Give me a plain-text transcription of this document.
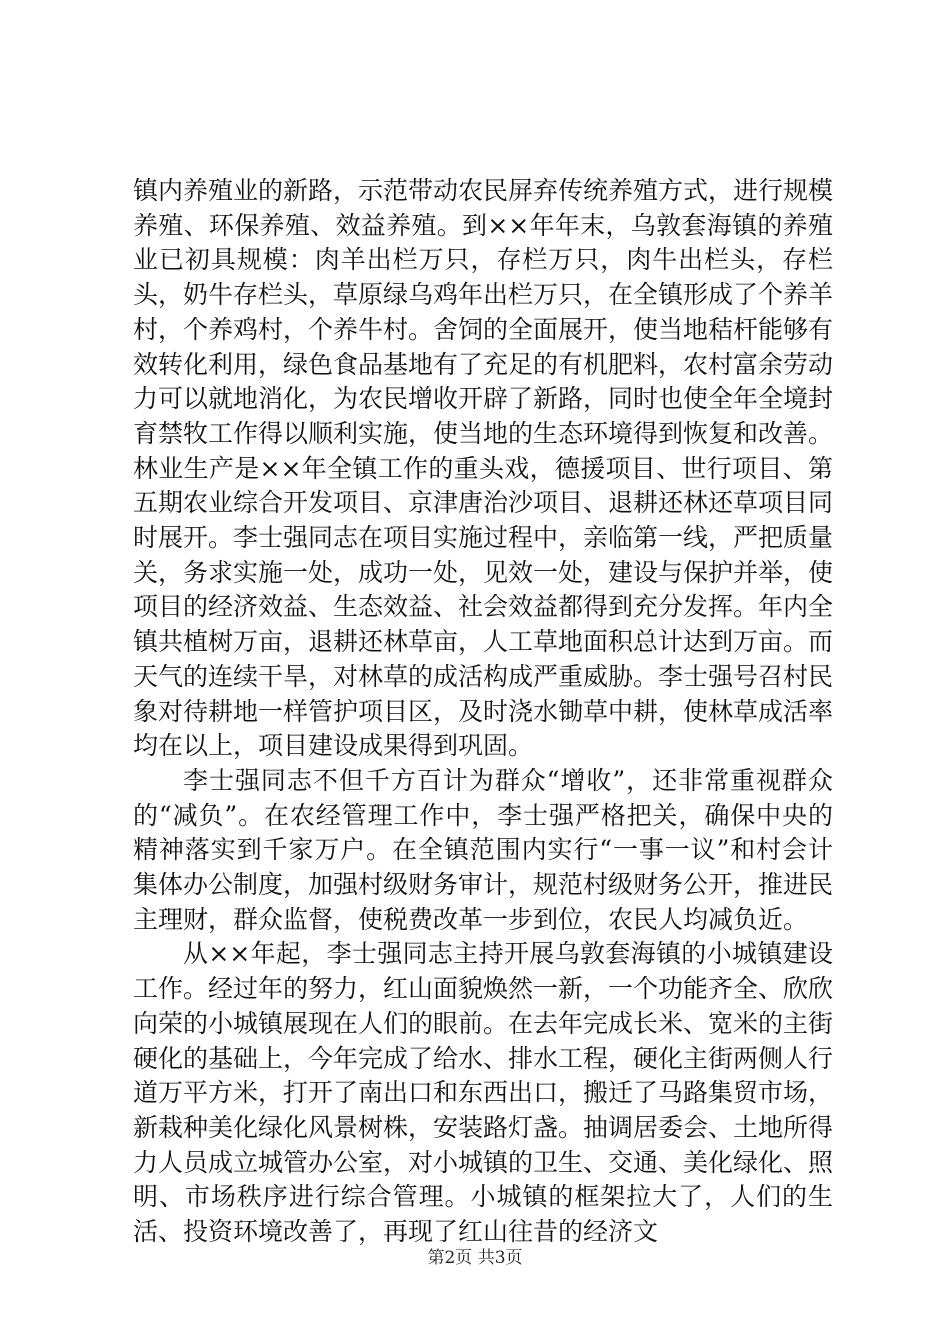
镇内养殖业的新路，示范带动农民屏弃传统养殖方式，进行规模养殖、环保养殖、效益养殖。到××年年末，乌敦套海镇的养殖业已初具规模：肉羊出栏万只，存栏万只，肉牛出栏头，存栏头，奶牛存栏头，草原绿乌鸡年出栏万只，在全镇形成了个养羊村，个养鸡村，个养牛村。舍饲的全面展开，使当地秸杆能够有效转化利用，绿色食品基地有了充足的有机肥料，农村富余劳动力可以就地消化，为农民增收开辟了新路，同时也使全年全境封育禁牧工作得以顺利实施，使当地的生态环境得到恢复和改善。林业生产是××年全镇工作的重头戏，德援项目、世行项目、第五期农业综合开发项目、京津唐治沙项目、退耕还林还草项目同时展开。李士强同志在项目实施过程中，亲临第一线，严把质量关，务求实施一处，成功一处，见效一处，建设与保护并举，使项目的经济效益、生态效益、社会效益都得到充分发挥。年内全镇共植树万亩，退耕还林草亩，人工草地面积总计达到万亩。而天气的连续干旱，对林草的成活构成严重威胁。李士强号召村民象对待耕地一样管护项目区，及时浇水锄草中耕，使林草成活率均在以上，项目建设成果得到巩固。

李士强同志不但千方百计为群众“增收”，还非常重视群众的“减负”。在农经管理工作中，李士强严格把关，确保中央的精神落实到千家万户。在全镇范围内实行“一事一议”和村会计集体办公制度，加强村级财务审计，规范村级财务公开，推进民主理财，群众监督，使税费改革一步到位，农民人均减负近。

从××年起，李士强同志主持开展乌敦套海镇的小城镇建设工作。经过年的努力，红山面貌焕然一新，一个功能齐全、欣欣向荣的小城镇展现在人们的眼前。在去年完成长米、宽米的主街硬化的基础上，今年完成了给水、排水工程，硬化主街两侧人行道万平方米，打开了南出口和东西出口，搬迁了马路集贸市场，新栽种美化绿化风景树株，安装路灯盏。抽调居委会、土地所得力人员成立城管办公室，对小城镇的卫生、交通、美化绿化、照明、市场秩序进行综合管理。小城镇的框架拉大了，人们的生活、投资环境改善了，再现了红山往昔的经济文

第2页 共3页
